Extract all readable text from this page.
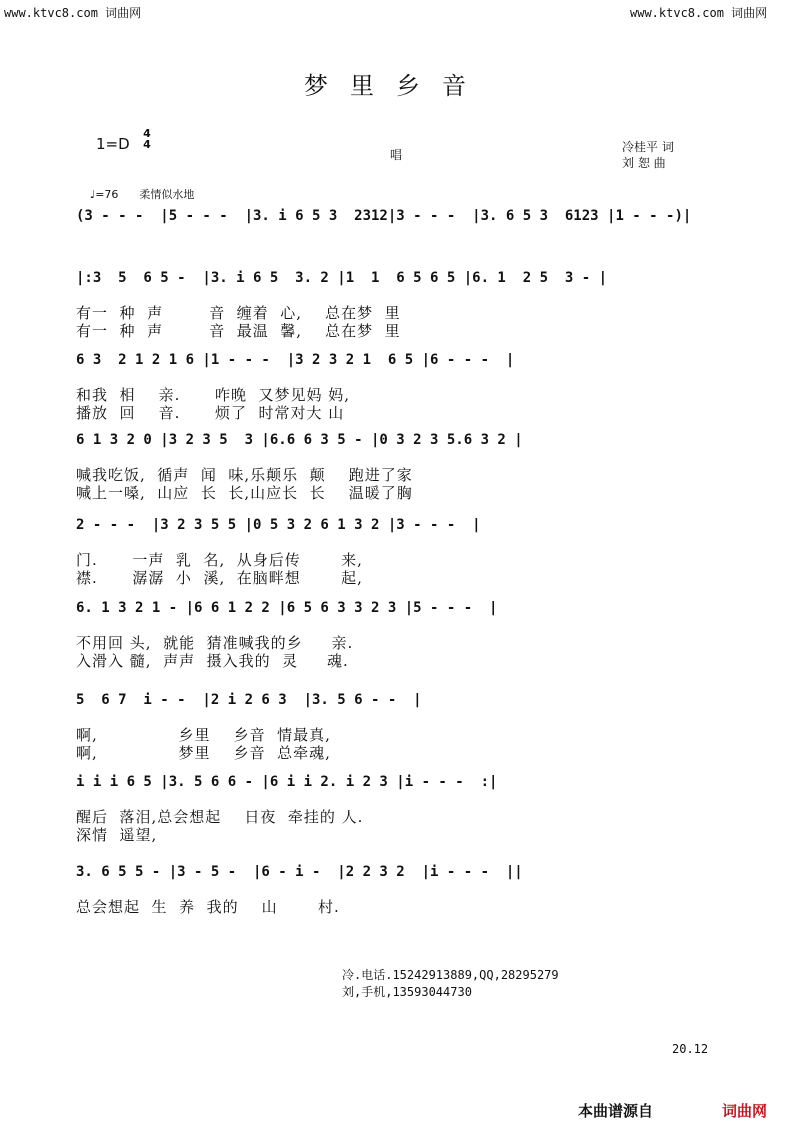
www.ktvc8.com 词曲网	www.ktvc8.com 词曲网
梦里乡音
1=D
4
4
唱
冷桂平 词
刘 恕 曲
♩=76 柔情似水地
(3 - - -  |5 - - -  |3. i 6 5 3  2312|3 - - -  |3. 6 5 3  6123 |1 - - -)|
|:3  5  6 5 -  |3. i 6 5  3. 2 |1  1  6 5 6 5 |6. 1  2 5  3 - |
有一  种  声        音  缠着  心,    总在梦  里
有一  种  声        音  最温  馨,    总在梦  里
6 3  2 1 2 1 6 |1 - - -  |3 2 3 2 1  6 5 |6 - - -  |
和我  相    亲.      咋晚  又梦见妈 妈,
播放  回    音.      烦了  时常对大 山
6 1 3 2 0 |3 2 3 5  3 |6.6 6 3 5 - |0 3 2 3 5.6 3 2 |
喊我吃饭,  循声  闻  味,乐颠乐  颠    跑进了家
喊上一嗓,  山应  长  长,山应长  长    温暖了胸
2 - - -  |3 2 3 5 5 |0 5 3 2 6 1 3 2 |3 - - -  |
门.      一声  乳  名,  从身后传       来,
襟.      潺潺  小  溪,  在脑畔想       起,
6. 1 3 2 1 - |6 6 1 2 2 |6 5 6 3 3 2 3 |5 - - -  |
不用回 头,  就能  猜准喊我的乡     亲.
入滑入 髓,  声声  摄入我的  灵     魂.
5  6 7  i - -  |2 i 2 6 3  |3. 5 6 - -  |
啊,              乡里    乡音  情最真,
啊,              梦里    乡音  总牵魂,
i i i 6 5 |3. 5 6 6 - |6 i i 2. i 2 3 |i - - -  :|
醒后  落泪,总会想起    日夜  牵挂的 人.
深情  遥望,
3. 6 5 5 - |3 - 5 -  |6 - i -  |2 2 3 2  |i - - -  ||
总会想起  生  养  我的    山       村.
冷.电话.15242913889,QQ,28295279
刘,手机,13593044730
20.12
本曲谱源自	词曲网
